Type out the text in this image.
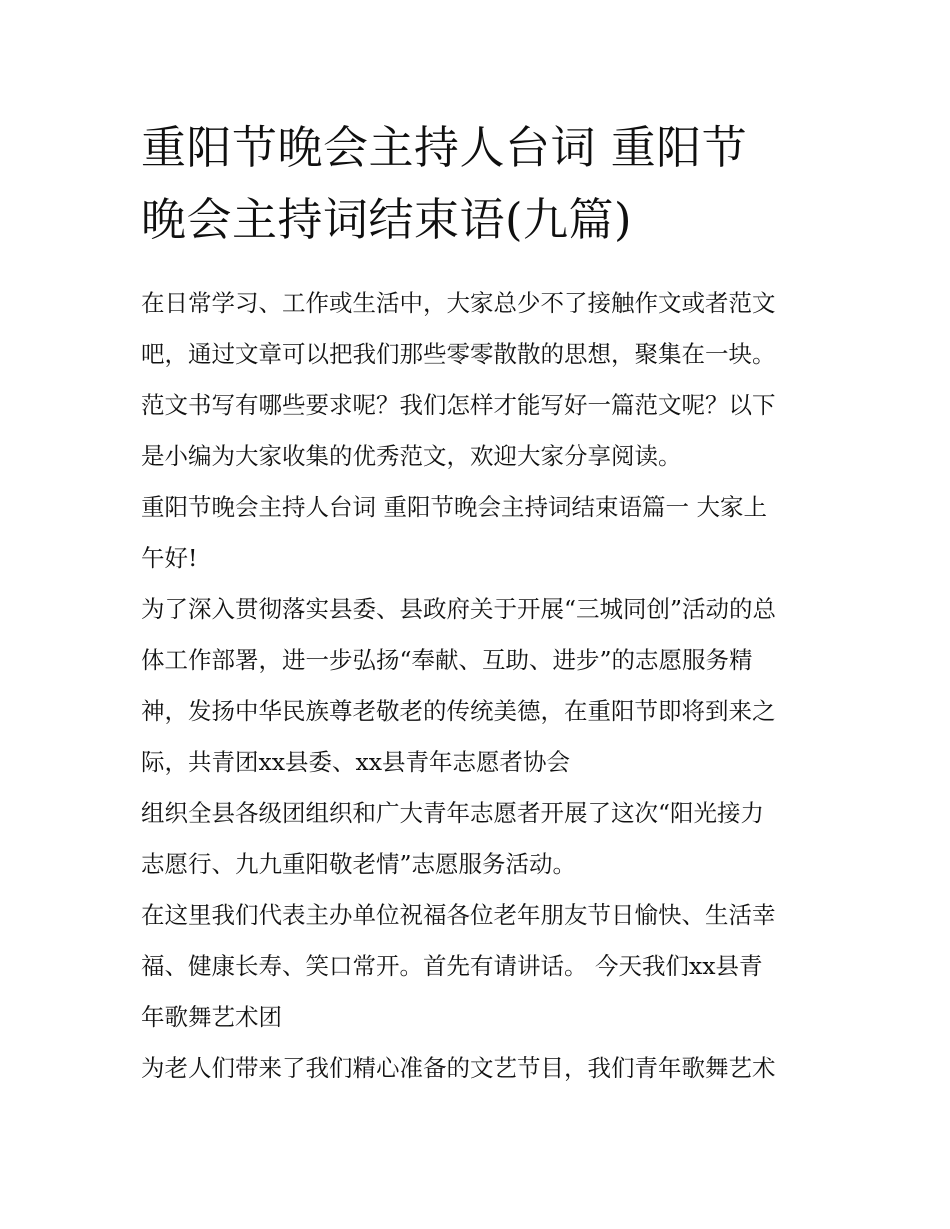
重阳节晚会主持人台词 重阳节
晚会主持词结束语(九篇)

在日常学习、工作或生活中，大家总少不了接触作文或者范文
吧，通过文章可以把我们那些零零散散的思想，聚集在一块。
范文书写有哪些要求呢？我们怎样才能写好一篇范文呢？以下
是小编为大家收集的优秀范文，欢迎大家分享阅读。

重阳节晚会主持人台词 重阳节晚会主持词结束语篇一 大家上
午好!

为了深入贯彻落实县委、县政府关于开展“三城同创”活动的总
体工作部署，进一步弘扬“奉献、互助、进步”的志愿服务精
神，发扬中华民族尊老敬老的传统美德，在重阳节即将到来之
际，共青团xx县委、xx县青年志愿者协会

组织全县各级团组织和广大青年志愿者开展了这次“阳光接力
志愿行、九九重阳敬老情”志愿服务活动。

在这里我们代表主办单位祝福各位老年朋友节日愉快、生活幸
福、健康长寿、笑口常开。首先有请讲话。 今天我们xx县青
年歌舞艺术团

为老人们带来了我们精心准备的文艺节目，我们青年歌舞艺术
